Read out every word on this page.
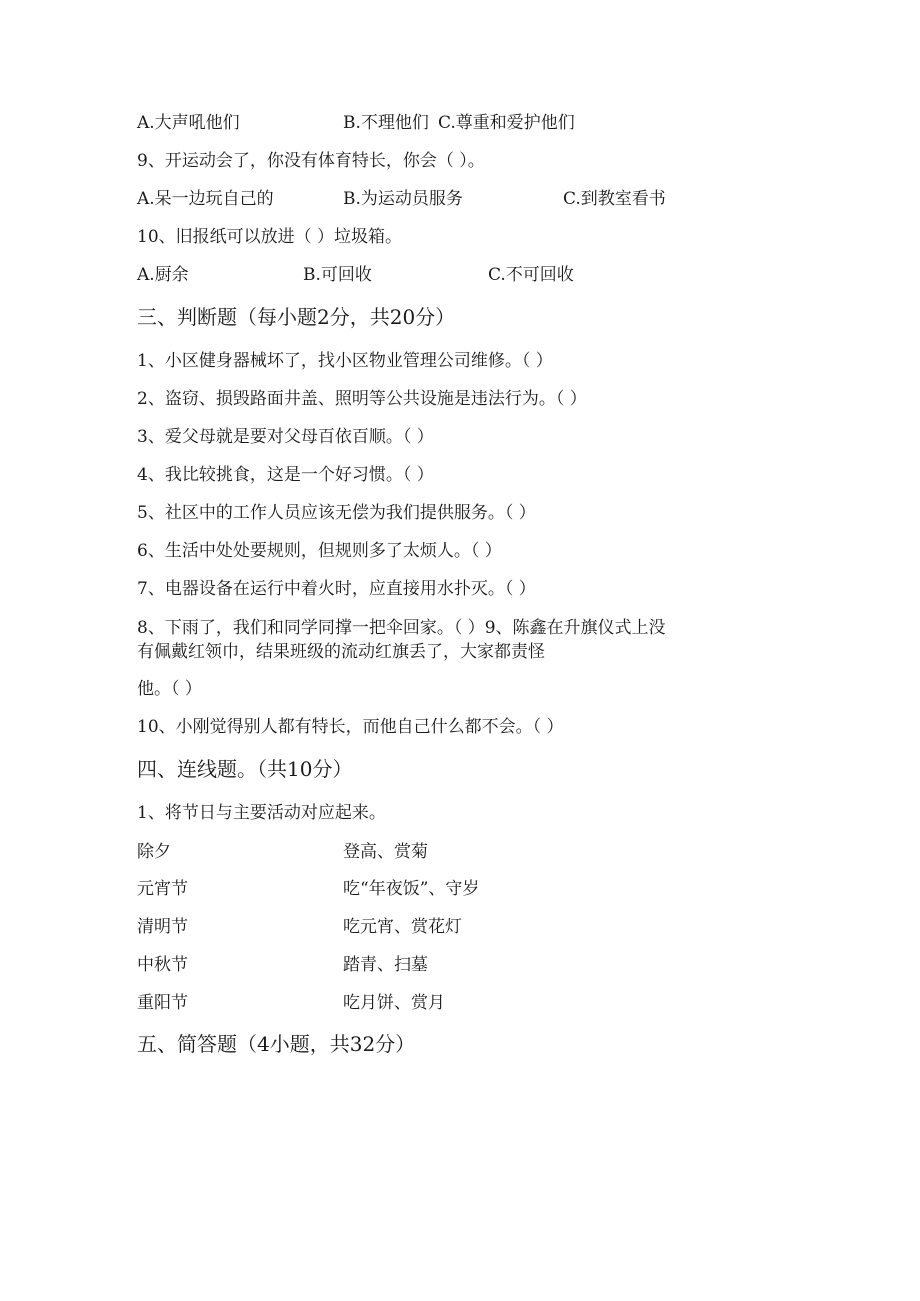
A.大声吼他们	B.不理他们 C.尊重和爱护他们
9、开运动会了，你没有体育特长，你会（ ）。
A.呆一边玩自己的	B.为运动员服务	C.到教室看书
10、旧报纸可以放进（ ）垃圾箱。
A.厨余	B.可回收	C.不可回收
三、判断题（每小题2分，共20分）
1、小区健身器械坏了，找小区物业管理公司维修。（ ）
2、盗窃、损毁路面井盖、照明等公共设施是违法行为。（ ）
3、爱父母就是要对父母百依百顺。（ ）
4、我比较挑食，这是一个好习惯。（ ）
5、社区中的工作人员应该无偿为我们提供服务。（ ）
6、生活中处处要规则，但规则多了太烦人。（ ）
7、电器设备在运行中着火时，应直接用水扑灭。（ ）
8、下雨了，我们和同学同撑一把伞回家。（ ）9、陈鑫在升旗仪式上没
有佩戴红领巾，结果班级的流动红旗丢了，大家都责怪
他。（ ）
10、小刚觉得别人都有特长，而他自己什么都不会。（ ）
四、连线题。（共10分）
1、将节日与主要活动对应起来。
除夕	登高、赏菊
元宵节	吃“年夜饭”、守岁
清明节	吃元宵、赏花灯
中秋节	踏青、扫墓
重阳节	吃月饼、赏月
五、简答题（4小题，共32分）
